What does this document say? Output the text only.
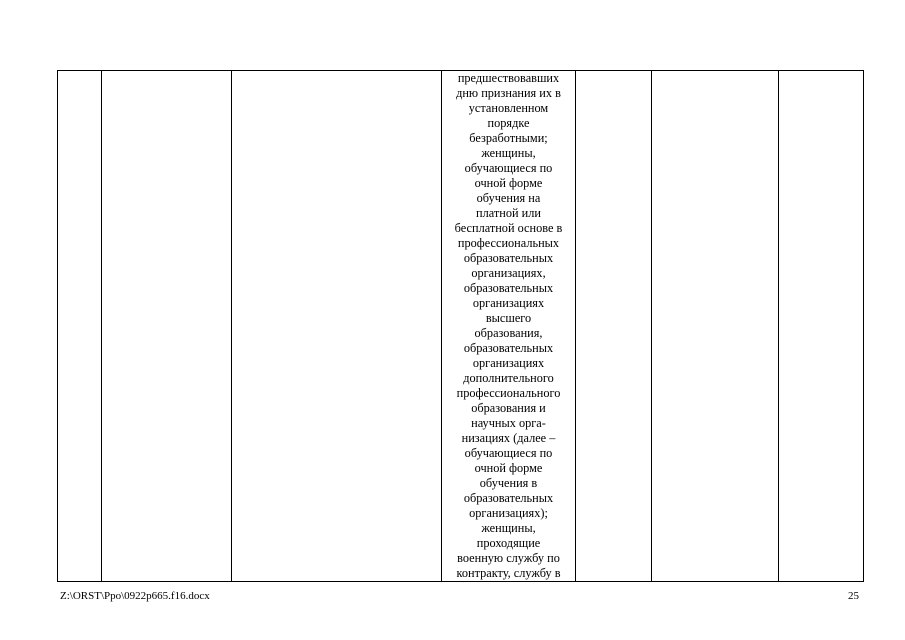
предшествовавших
дню признания их в
установленном
порядке
безработными;
женщины,
обучающиеся по
очной форме
обучения на
платной или
бесплатной основе в
профессиональных
образовательных
организациях,
образовательных
организациях
высшего
образования,
образовательных
организациях
дополнительного
профессионального
образования и
научных орга-
низациях (далее –
обучающиеся по
очной форме
обучения в
образовательных
организациях);
женщины,
проходящие
военную службу по
контракту, службу в

Z:\ORST\Ppo\0922p665.f16.docx	25
